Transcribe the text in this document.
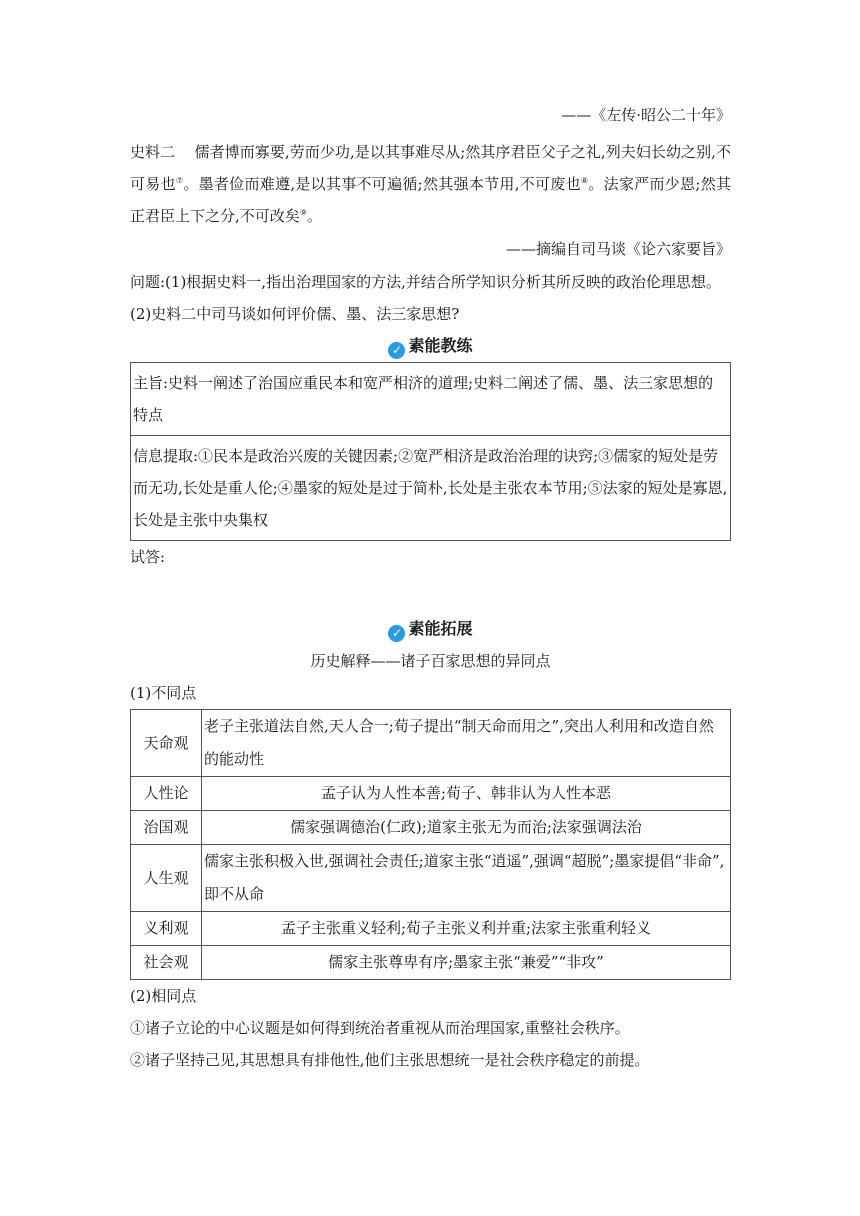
——《左传·昭公二十年》
史料二 儒者博而寡要,劳而少功,是以其事难尽从;然其序君臣父子之礼,列夫妇长幼之别,不可易也⑦。墨者俭而难遵,是以其事不可遍循;然其强本节用,不可废也⑧。法家严而少恩;然其正君臣上下之分,不可改矣⑨。
——摘编自司马谈《论六家要旨》
问题:(1)根据史料一,指出治理国家的方法,并结合所学知识分析其所反映的政治伦理思想。
(2)史料二中司马谈如何评价儒、墨、法三家思想?
✓ 素能教练
主旨:史料一阐述了治国应重民本和宽严相济的道理;史料二阐述了儒、墨、法三家思想的特点
信息提取:①民本是政治兴废的关键因素;②宽严相济是政治治理的诀窍;③儒家的短处是劳而无功,长处是重人伦;④墨家的短处是过于简朴,长处是主张农本节用;⑤法家的短处是寡恩,长处是主张中央集权
试答:
✓ 素能拓展
历史解释——诸子百家思想的异同点
(1)不同点
天命观	老子主张道法自然,天人合一;荀子提出“制天命而用之”,突出人利用和改造自然的能动性
人性论	孟子认为人性本善;荀子、韩非认为人性本恶
治国观	儒家强调德治(仁政);道家主张无为而治;法家强调法治
人生观	儒家主张积极入世,强调社会责任;道家主张“逍遥”,强调“超脱”;墨家提倡“非命”,即不从命
义利观	孟子主张重义轻利;荀子主张义利并重;法家主张重利轻义
社会观	儒家主张尊卑有序;墨家主张“兼爱”“非攻”
(2)相同点
①诸子立论的中心议题是如何得到统治者重视从而治理国家,重整社会秩序。
②诸子坚持己见,其思想具有排他性,他们主张思想统一是社会秩序稳定的前提。
